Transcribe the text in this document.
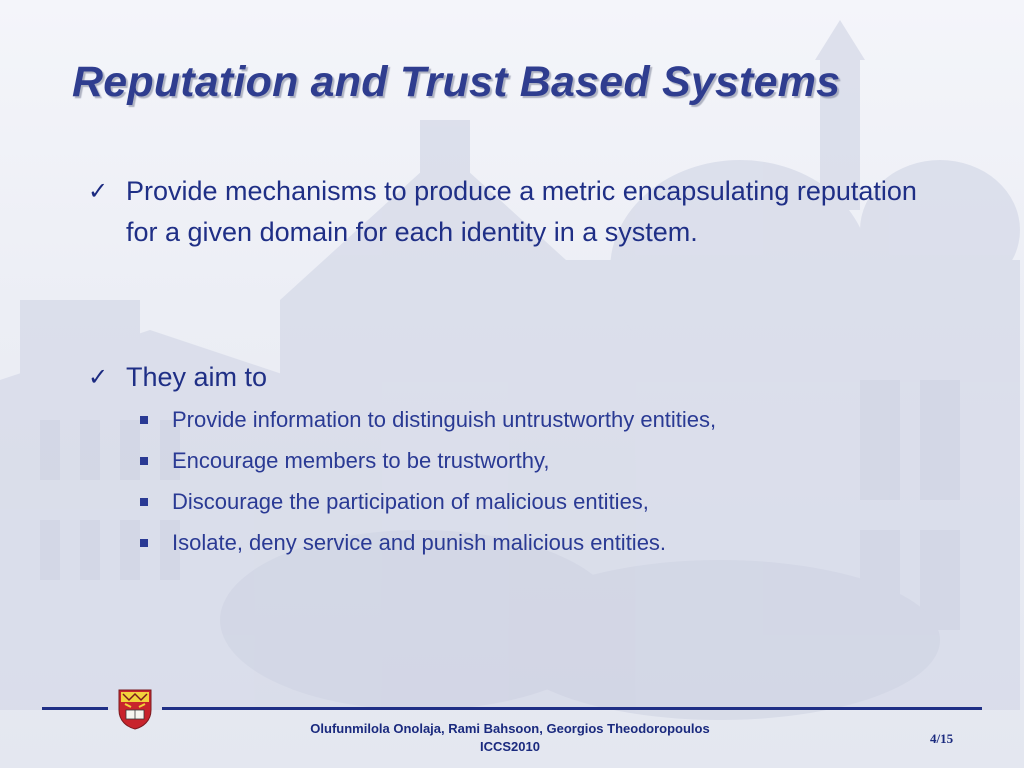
Reputation and Trust Based Systems
✓ Provide mechanisms to produce a metric encapsulating reputation for a given domain for each identity in a system.
✓ They aim to
Provide information to distinguish untrustworthy entities,
Encourage members to be trustworthy,
Discourage the participation of malicious entities,
Isolate, deny service and punish malicious entities.
Olufunmilola Onolaja, Rami Bahsoon, Georgios Theodoropoulos
ICCS2010
4/15
